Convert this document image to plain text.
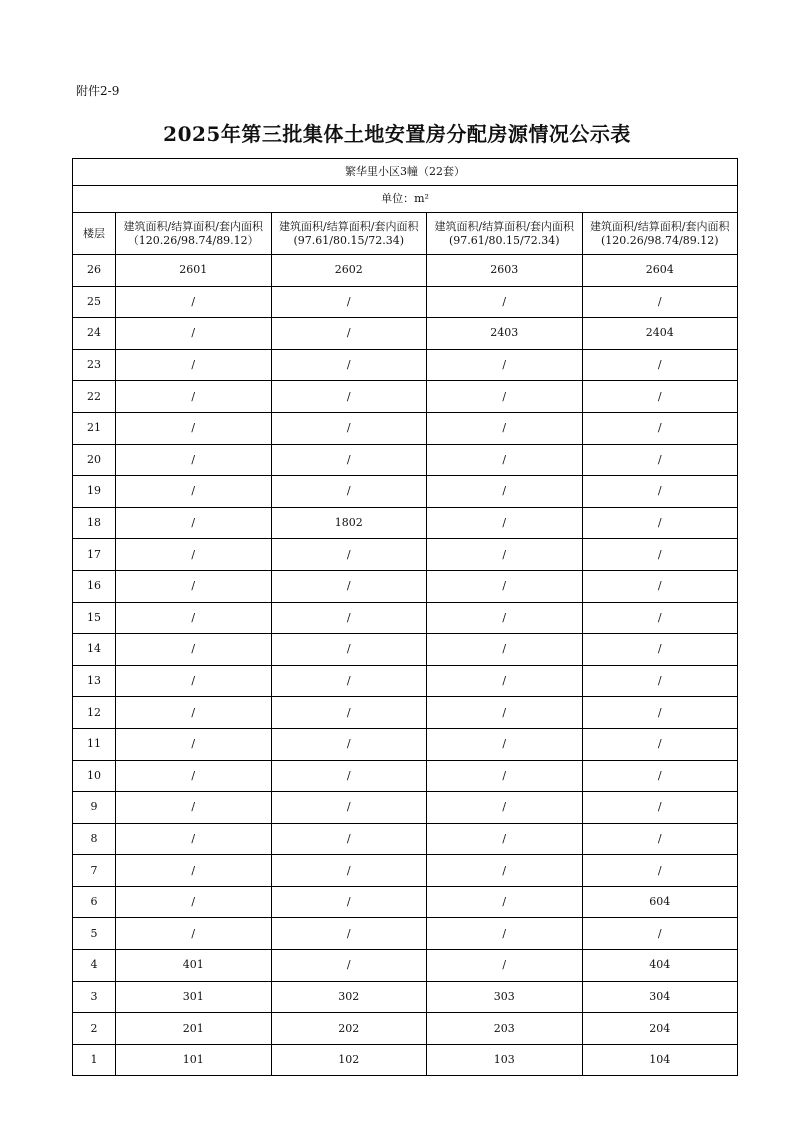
附件2-9
2025年第三批集体土地安置房分配房源情况公示表
繁华里小区3幢（22套）				
单位：m²				
楼层	建筑面积/结算面积/套内面积（120.26/98.74/89.12）	建筑面积/结算面积/套内面积(97.61/80.15/72.34)	建筑面积/结算面积/套内面积(97.61/80.15/72.34)	建筑面积/结算面积/套内面积(120.26/98.74/89.12)
26	2601	2602	2603	2604
25	/	/	/	/
24	/	/	2403	2404
23	/	/	/	/
22	/	/	/	/
21	/	/	/	/
20	/	/	/	/
19	/	/	/	/
18	/	1802	/	/
17	/	/	/	/
16	/	/	/	/
15	/	/	/	/
14	/	/	/	/
13	/	/	/	/
12	/	/	/	/
11	/	/	/	/
10	/	/	/	/
9	/	/	/	/
8	/	/	/	/
7	/	/	/	/
6	/	/	/	604
5	/	/	/	/
4	401	/	/	404
3	301	302	303	304
2	201	202	203	204
1	101	102	103	104
